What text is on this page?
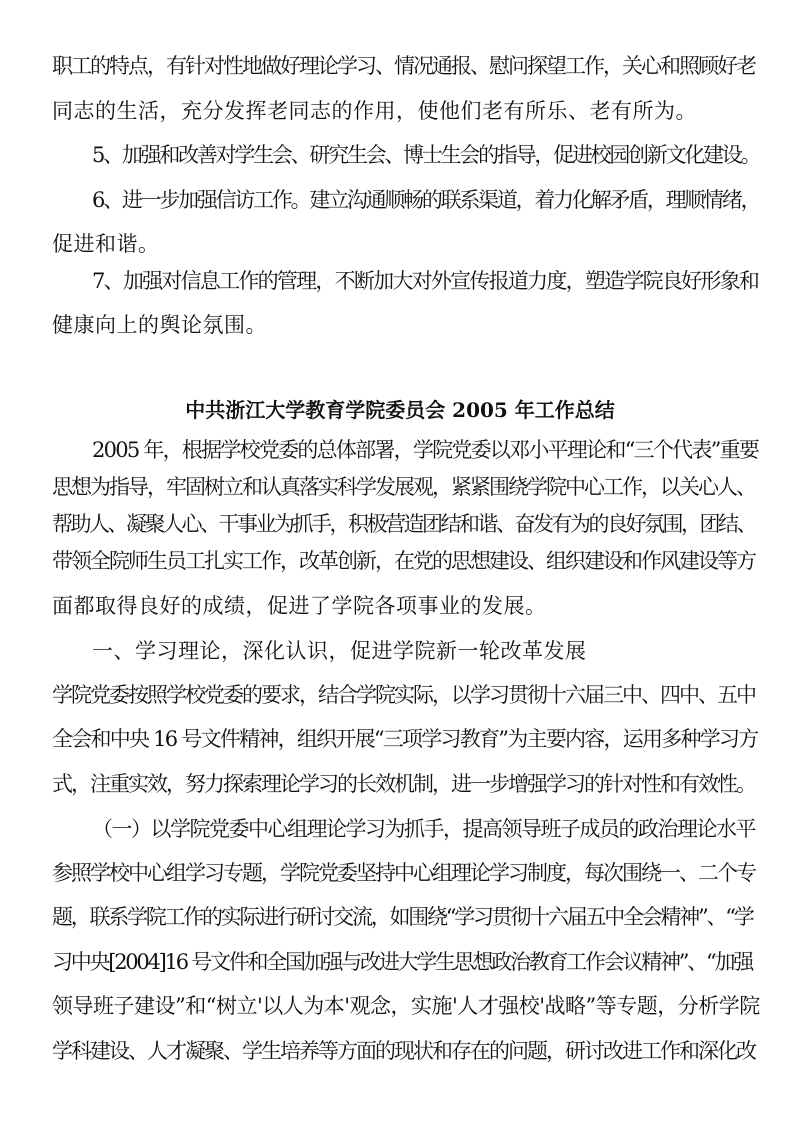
职工的特点，有针对性地做好理论学习、情况通报、慰问探望工作，关心和照顾好老
同志的生活，充分发挥老同志的作用，使他们老有所乐、老有所为。
5、加强和改善对学生会、研究生会、博士生会的指导，促进校园创新文化建设。
6、进一步加强信访工作。建立沟通顺畅的联系渠道，着力化解矛盾，理顺情绪，
促进和谐。
7、加强对信息工作的管理，不断加大对外宣传报道力度，塑造学院良好形象和
健康向上的舆论氛围。
中共浙江大学教育学院委员会 2005 年工作总结
2005 年，根据学校党委的总体部署，学院党委以邓小平理论和“三个代表”重要
思想为指导，牢固树立和认真落实科学发展观，紧紧围绕学院中心工作，以关心人、
帮助人、凝聚人心、干事业为抓手，积极营造团结和谐、奋发有为的良好氛围，团结、
带领全院师生员工扎实工作，改革创新，在党的思想建设、组织建设和作风建设等方
面都取得良好的成绩，促进了学院各项事业的发展。
一、学习理论，深化认识，促进学院新一轮改革发展
学院党委按照学校党委的要求，结合学院实际，以学习贯彻十六届三中、四中、五中
全会和中央 16 号文件精神，组织开展“三项学习教育”为主要内容，运用多种学习方
式，注重实效，努力探索理论学习的长效机制，进一步增强学习的针对性和有效性。
（一）以学院党委中心组理论学习为抓手，提高领导班子成员的政治理论水平
参照学校中心组学习专题，学院党委坚持中心组理论学习制度，每次围绕一、二个专
题，联系学院工作的实际进行研讨交流，如围绕“学习贯彻十六届五中全会精神”、“学
习中央[2004]16 号文件和全国加强与改进大学生思想政治教育工作会议精神”、“加强
领导班子建设”和“树立'以人为本'观念，实施'人才强校'战略”等专题，分析学院
学科建设、人才凝聚、学生培养等方面的现状和存在的问题，研讨改进工作和深化改
